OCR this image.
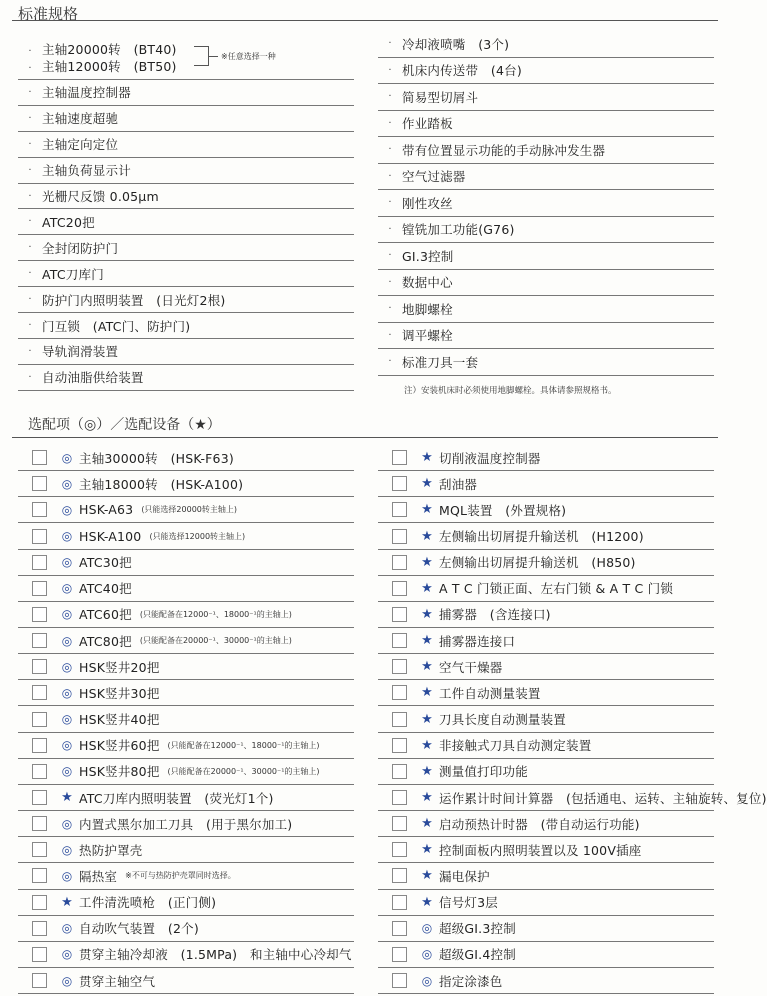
标准规格
· 主轴20000转　(BT40)
· 主轴12000转　(BT50)
※任意选择一种
· 主轴温度控制器
· 主轴速度超驰
· 主轴定向定位
· 主轴负荷显示计
· 光栅尺反馈 0.05μm
· ATC20把
· 全封闭防护门
· ATC刀库门
· 防护门内照明装置　(日光灯2根)
· 门互锁　(ATC门、防护门)
· 导轨润滑装置
· 自动油脂供给装置
· 冷却液喷嘴　(3个)
· 机床内传送带　(4台)
· 简易型切屑斗
· 作业踏板
· 带有位置显示功能的手动脉冲发生器
· 空气过滤器
· 刚性攻丝
· 镗铣加工功能(G76)
· GI.3控制
· 数据中心
· 地脚螺栓
· 调平螺栓
· 标准刀具一套
注）安装机床时必须使用地脚螺栓。具体请参照规格书。
选配项（◎）／选配设备（★）
◎ 主轴30000转　(HSK-F63)
◎ 主轴18000转　(HSK-A100)
◎ HSK-A63 (只能选择20000转主轴上)
◎ HSK-A100 (只能选择12000转主轴上)
◎ ATC30把
◎ ATC40把
◎ ATC60把 (只能配备在12000⁻¹、18000⁻¹的主轴上)
◎ ATC80把 (只能配备在20000⁻¹、30000⁻¹的主轴上)
◎ HSK竖井20把
◎ HSK竖井30把
◎ HSK竖井40把
◎ HSK竖井60把 (只能配备在12000⁻¹、18000⁻¹的主轴上)
◎ HSK竖井80把 (只能配备在20000⁻¹、30000⁻¹的主轴上)
★ ATC刀库内照明装置　(荧光灯1个)
◎ 内置式黑尔加工刀具　(用于黑尔加工)
◎ 热防护罩壳
◎ 隔热室 ※不可与热防护壳罩同时选择。
★ 工件清洗喷枪　(正门侧)
◎ 自动吹气装置　(2个)
◎ 贯穿主轴冷却液　(1.5MPa)　和主轴中心冷却气
◎ 贯穿主轴空气
★ 切削液温度控制器
★ 刮油器
★ MQL装置　(外置规格)
★ 左侧输出切屑提升输送机　(H1200)
★ 左侧输出切屑提升输送机　(H850)
★ A T C 门锁正面、左右门锁 & A T C 门锁
★ 捕雾器　(含连接口)
★ 捕雾器连接口
★ 空气干燥器
★ 工件自动测量装置
★ 刀具长度自动测量装置
★ 非接触式刀具自动测定装置
★ 测量值打印功能
★ 运作累计时间计算器　(包括通电、运转、主轴旋转、复位)
★ 启动预热计时器　(带自动运行功能)
★ 控制面板内照明装置以及 100V插座
★ 漏电保护
★ 信号灯3层
◎ 超级GI.3控制
◎ 超级GI.4控制
◎ 指定涂漆色
